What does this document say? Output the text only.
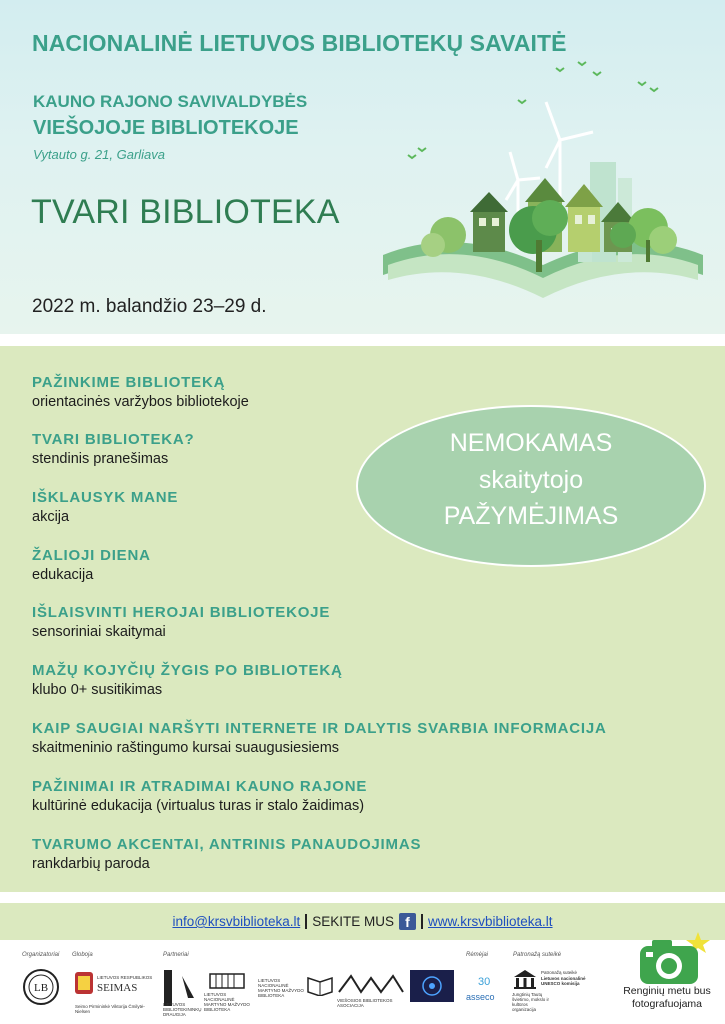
NACIONALINĖ LIETUVOS BIBLIOTEKŲ SAVAITĖ
KAUNO RAJONO SAVIVALDYBĖS
VIEŠOJOJE BIBLIOTEKOJE
Vytauto g. 21, Garliava
TVARI BIBLIOTEKA
2022 m. balandžio 23–29 d.
PAŽINKIME BIBLIOTEKĄ
orientacinės varžybos bibliotekoje
TVARI BIBLIOTEKA?
stendinis pranešimas
IŠKLAUSYK MANE
akcija
ŽALIOJI DIENA
edukacija
IŠLAISVINTI HEROJAI BIBLIOTEKOJE
sensoriniai skaitymai
MAŽŲ KOJYČIŲ ŽYGIS PO BIBLIOTEKĄ
klubo 0+ susitikimas
KAIP SAUGIAI NARŠYTI INTERNETE IR DALYTIS SVARBIA INFORMACIJA
skaitmeninio raštingumo kursai suaugusiesiems
PAŽINIMAI IR ATRADIMAI KAUNO RAJONE
kultūrinė edukacija (virtualus turas ir stalo žaidimas)
TVARUMO AKCENTAI, ANTRINIS PANAUDOJIMAS
rankdarbių paroda
NEMOKAMAS
skaitytojo
PAŽYMĖJIMAS
info@krsvbiblioteka.lt SEKITE MUS f	www.krsvbiblioteka.lt
Organizatoriai Globoja	Partneriai	Rėmėjai	Patronažą suteikė
LB
LIETUVOS RESPUBLIKOS
SEIMAS
Seimo Pirmininkė Viktorija Čmilytė-Nielsen
LIETUVOS BIBLIOTEKININKŲ DRAUGIJA
LIETUVOS NACIONALINĖ MARTYNO MAŽVYDO BIBLIOTEKA
LIETUVOS NACIONALINĖ MARTYNO MAŽVYDO BIBLIOTEKA
VIEŠOSIOS BIBLIOTEKOS ASOCIACIJA
30
asseco
Patronažą suteikė
Lietuvos nacionalinė UNESCO komisija
Jungtinių Tautų švietimo, mokslo ir kultūros organizacija
Renginių metu bus fotografuojama
